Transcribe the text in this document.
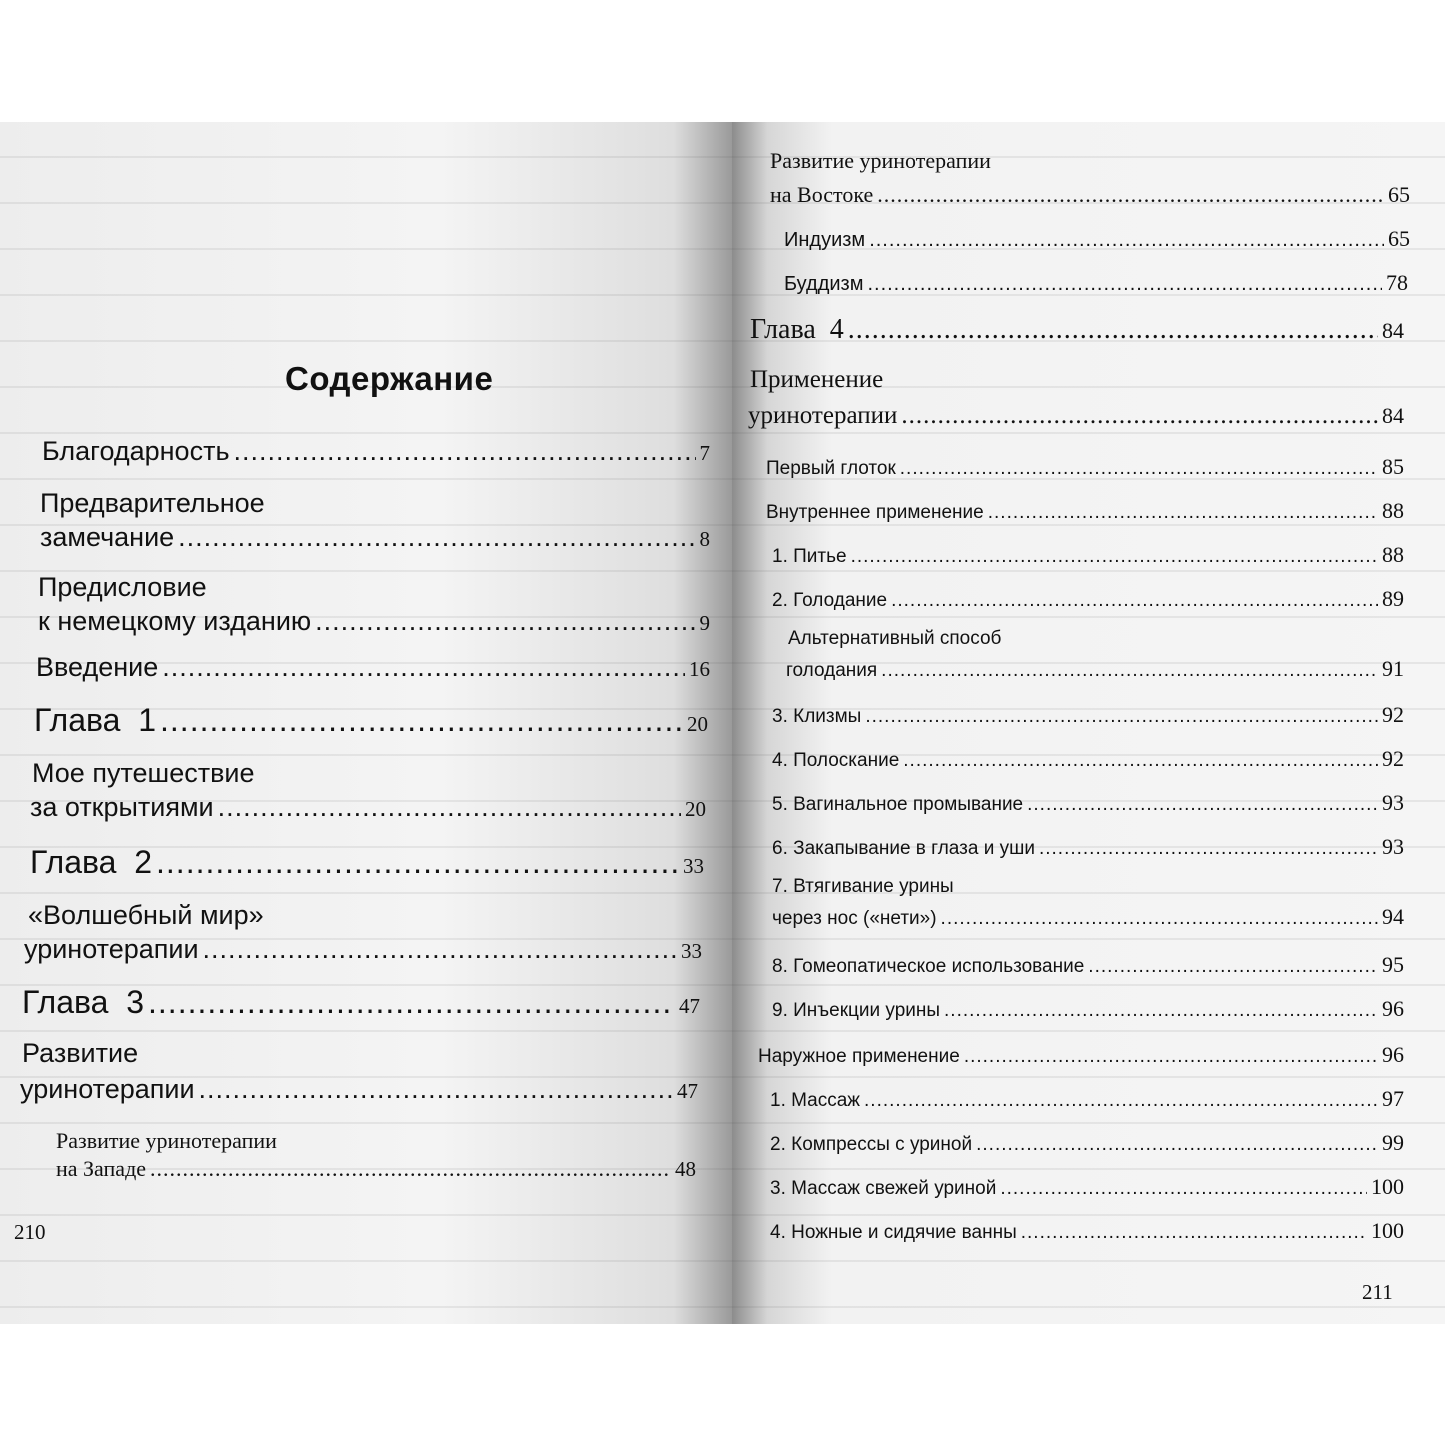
Содержание
Благодарность .....	7
Предварительное
замечание .....	8
Предисловие
к немецкому изданию .....	9
Введение .....	16
Глава  1 .....	20
Мое путешествие
за открытиями .....	20
Глава  2 .....	33
«Волшебный мир»
уринотерапии .....	33
Глава  3 .....	47
Развитие
уринотерапии .....	47
Развитие уринотерапии
на Западе .....	48
210
Развитие уринотерапии
на Востоке .....	65
Индуизм .....	65
Буддизм .....	78
Глава  4 .....	84
Применение
уринотерапии .....	84
Первый глоток .....	85
Внутреннее применение .....	88
1. Питье .....	88
2. Голодание .....	89
Альтернативный способ
голодания .....	91
3. Клизмы .....	92
4. Полоскание .....	92
5. Вагинальное промывание .....	93
6. Закапывание в глаза и уши .....	93
7. Втягивание урины
через нос («нети») .....	94
8. Гомеопатическое использование .....	95
9. Инъекции урины .....	96
Наружное применение .....	96
1. Массаж .....	97
2. Компрессы с уриной .....	99
3. Массаж свежей уриной .....	100
4. Ножные и сидячие ванны .....	100
211
